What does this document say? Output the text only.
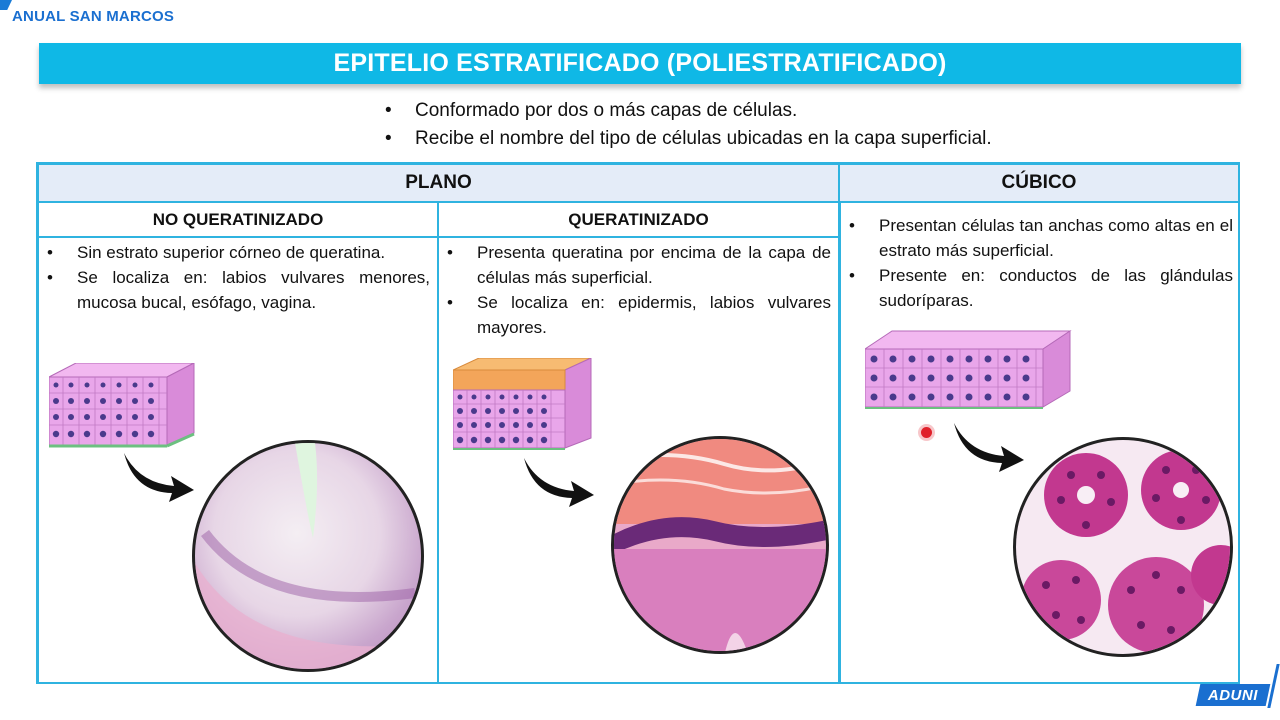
ANUAL SAN MARCOS
EPITELIO ESTRATIFICADO (POLIESTRATIFICADO)
• Conformado por dos o más capas de células.
• Recibe el nombre del tipo de células ubicadas en la capa superficial.
PLANO	CÚBICO
NO QUERATINIZADO	QUERATINIZADO
• Sin estrato superior córneo de queratina.
• Se localiza en: labios vulvares menores, mucosa bucal, esófago, vagina.
• Presenta queratina por encima de la capa de células más superficial.
• Se localiza en: epidermis, labios vulvares mayores.
• Presentan células tan anchas como altas en el estrato más superficial.
• Presente en: conductos de las glándulas sudoríparas.
ADUNI
